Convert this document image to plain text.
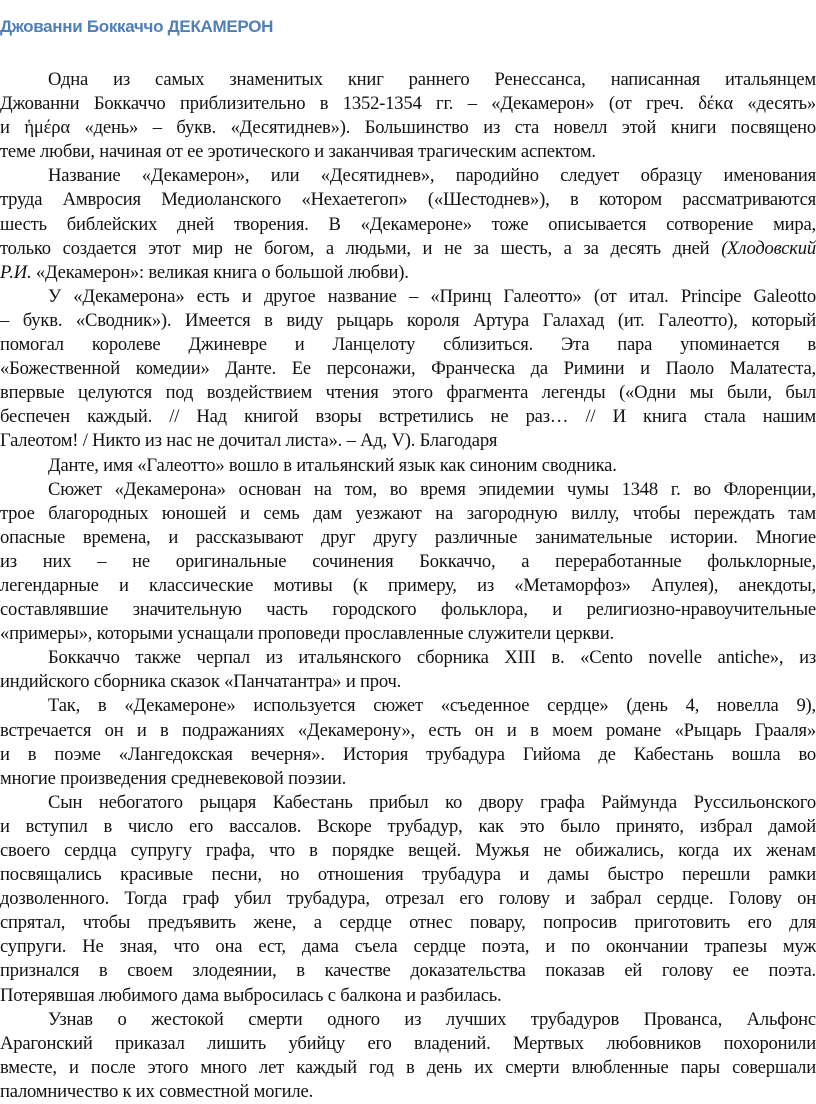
Джованни Боккаччо ДЕКАМЕРОН
Одна из самых знаменитых книг раннего Ренессанса, написанная итальянцем
Джованни Боккаччо приблизительно в 1352-1354 гг. – «Декамерон» (от греч. δέκα «десять»
и ἡμέρα «день» – букв. «Десятиднев»). Большинство из ста новелл этой книги посвящено
теме любви, начиная от ее эротического и заканчивая трагическим аспектом.
Название «Декамерон», или «Десятиднев», пародийно следует образцу именования
труда Амвросия Медиоланского «Нехаетегоп» («Шестоднев»), в котором рассматриваются
шесть библейских дней творения. В «Декамероне» тоже описывается сотворение мира,
только создается этот мир не богом, а людьми, и не за шесть, а за десять дней (Хлодовский
Р.И. «Декамерон»: великая книга о большой любви).
У «Декамерона» есть и другое название – «Принц Галеотто» (от итал. Principe Galeotto
– букв. «Сводник»). Имеется в виду рыцарь короля Артура Галахад (ит. Галеотто), который
помогал королеве Джиневре и Ланцелоту сблизиться. Эта пара упоминается в
«Божественной комедии» Данте. Ее персонажи, Франческа да Римини и Паоло Малатеста,
впервые целуются под воздействием чтения этого фрагмента легенды («Одни мы были, был
беспечен каждый. // Над книгой взоры встретились не раз… // И книга стала нашим
Галеотом! / Никто из нас не дочитал листа». – Ад, V). Благодаря
Данте, имя «Галеотто» вошло в итальянский язык как синоним сводника.
Сюжет «Декамерона» основан на том, во время эпидемии чумы 1348 г. во Флоренции,
трое благородных юношей и семь дам уезжают на загородную виллу, чтобы переждать там
опасные времена, и рассказывают друг другу различные занимательные истории. Многие
из них – не оригинальные сочинения Боккаччо, а переработанные фольклорные,
легендарные и классические мотивы (к примеру, из «Метаморфоз» Апулея), анекдоты,
составлявшие значительную часть городского фольклора, и религиозно-нравоучительные
«примеры», которыми уснащали проповеди прославленные служители церкви.
Боккаччо также черпал из итальянского сборника XIII в. «Cento novelle antiche», из
индийского сборника сказок «Панчатантра» и проч.
Так, в «Декамероне» используется сюжет «съеденное сердце» (день 4, новелла 9),
встречается он и в подражаниях «Декамерону», есть он и в моем романе «Рыцарь Грааля»
и в поэме «Лангедокская вечерня». История трубадура Гийома де Кабестань вошла во
многие произведения средневековой поэзии.
Сын небогатого рыцаря Кабестань прибыл ко двору графа Раймунда Руссильонского
и вступил в число его вассалов. Вскоре трубадур, как это было принято, избрал дамой
своего сердца супругу графа, что в порядке вещей. Мужья не обижались, когда их женам
посвящались красивые песни, но отношения трубадура и дамы быстро перешли рамки
дозволенного. Тогда граф убил трубадура, отрезал его голову и забрал сердце. Голову он
спрятал, чтобы предъявить жене, а сердце отнес повару, попросив приготовить его для
супруги. Не зная, что она ест, дама съела сердце поэта, и по окончании трапезы муж
признался в своем злодеянии, в качестве доказательства показав ей голову ее поэта.
Потерявшая любимого дама выбросилась с балкона и разбилась.
Узнав о жестокой смерти одного из лучших трубадуров Прованса, Альфонс
Арагонский приказал лишить убийцу его владений. Мертвых любовников похоронили
вместе, и после этого много лет каждый год в день их смерти влюбленные пары совершали
паломничество к их совместной могиле.
